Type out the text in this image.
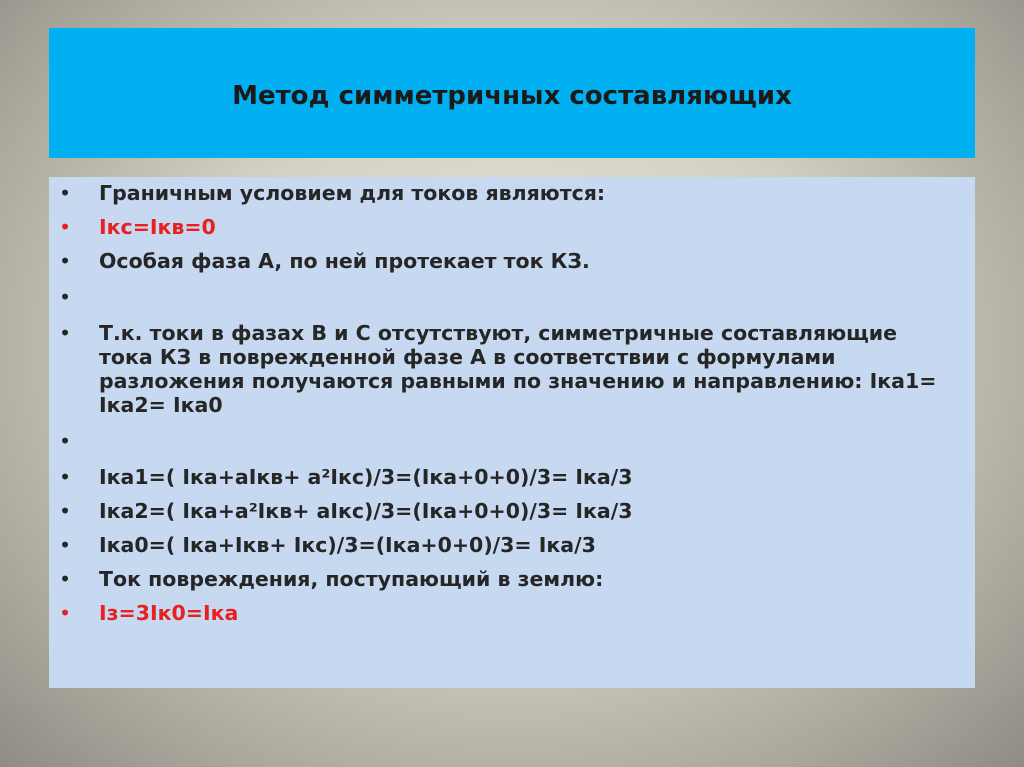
Метод симметричных составляющих
• Граничным условием для токов являются:
• Iкс=Iкв=0
• Особая фаза A, по ней протекает ток КЗ.
•
• Т.к. токи в фазах B и C отсутствуют, симметричные составляющие тока КЗ в поврежденной фазе А в соответствии с формулами разложения получаются равными по значению и направлению: Iка1= Iка2= Iка0
•
• Iка1=( Iка+aIкв+ a²Iкс)/3=(Iка+0+0)/3= Iка/3
• Iка2=( Iка+a²Iкв+ aIкс)/3=(Iка+0+0)/3= Iка/3
• Iка0=( Iка+Iкв+ Iкс)/3=(Iка+0+0)/3= Iка/3
• Ток повреждения, поступающий в землю:
• Iз=3Iк0=Iка
